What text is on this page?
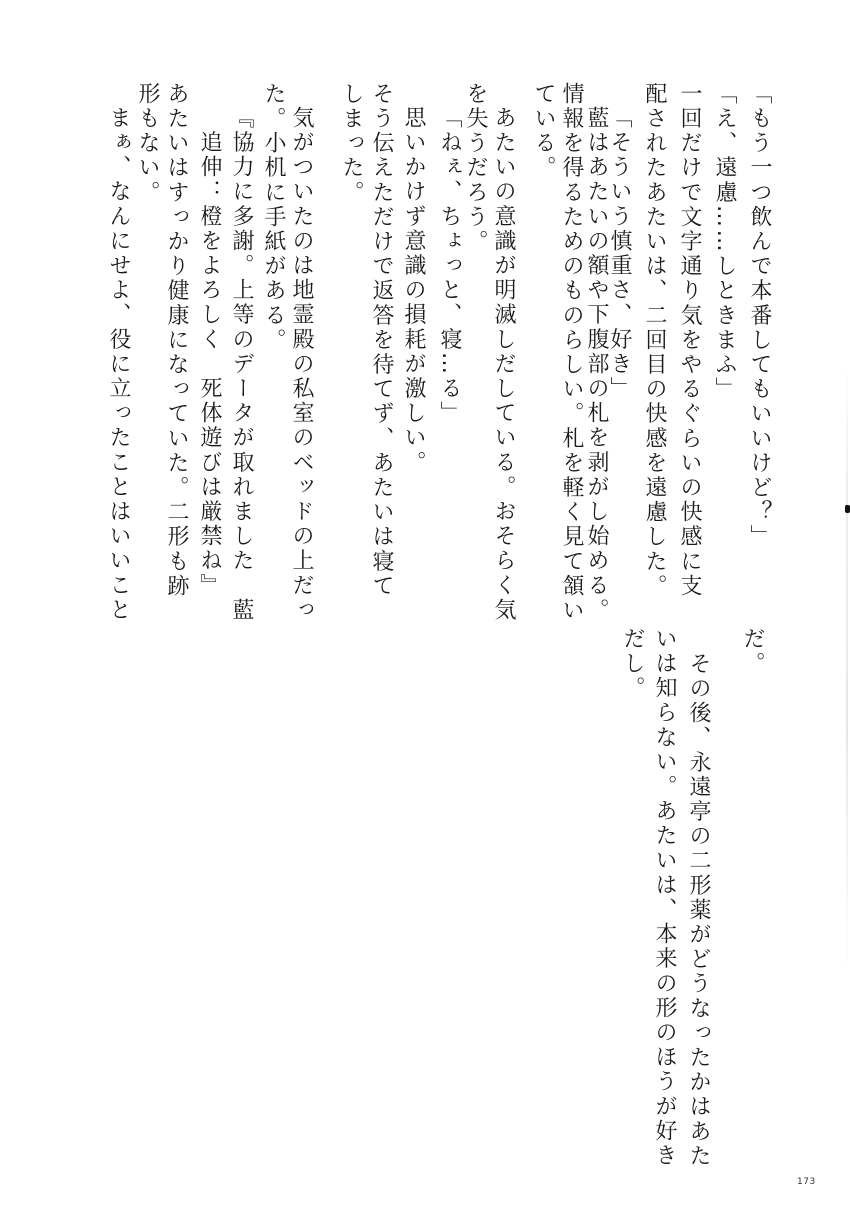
「もう一つ飲んで本番してもいいけど？」
「え、遠慮……しときまふ」
一回だけで文字通り気をやるぐらいの快感に支
配されたあたいは、二回目の快感を遠慮した。
「そういう慎重さ、好き」
藍はあたいの額や下腹部の札を剥がし始める。
情報を得るためのものらしい。札を軽く見て頷い
ている。
あたいの意識が明滅しだしている。おそらく気
を失うだろう。
「ねぇ、ちょっと、寝…る」
思いかけず意識の損耗が激しい。
そう伝えただけで返答を待てず、あたいは寝て
しまった。
気がついたのは地霊殿の私室のベッドの上だっ
た。小机に手紙がある。
『協力に多謝。上等のデータが取れました　藍
　追伸：橙をよろしく　死体遊びは厳禁ね』
あたいはすっかり健康になっていた。二形も跡
形もない。
まぁ、なんにせよ、役に立ったことはいいこと
だ。
その後、永遠亭の二形薬がどうなったかはあた
いは知らない。あたいは、本来の形のほうが好き
だし。
173
